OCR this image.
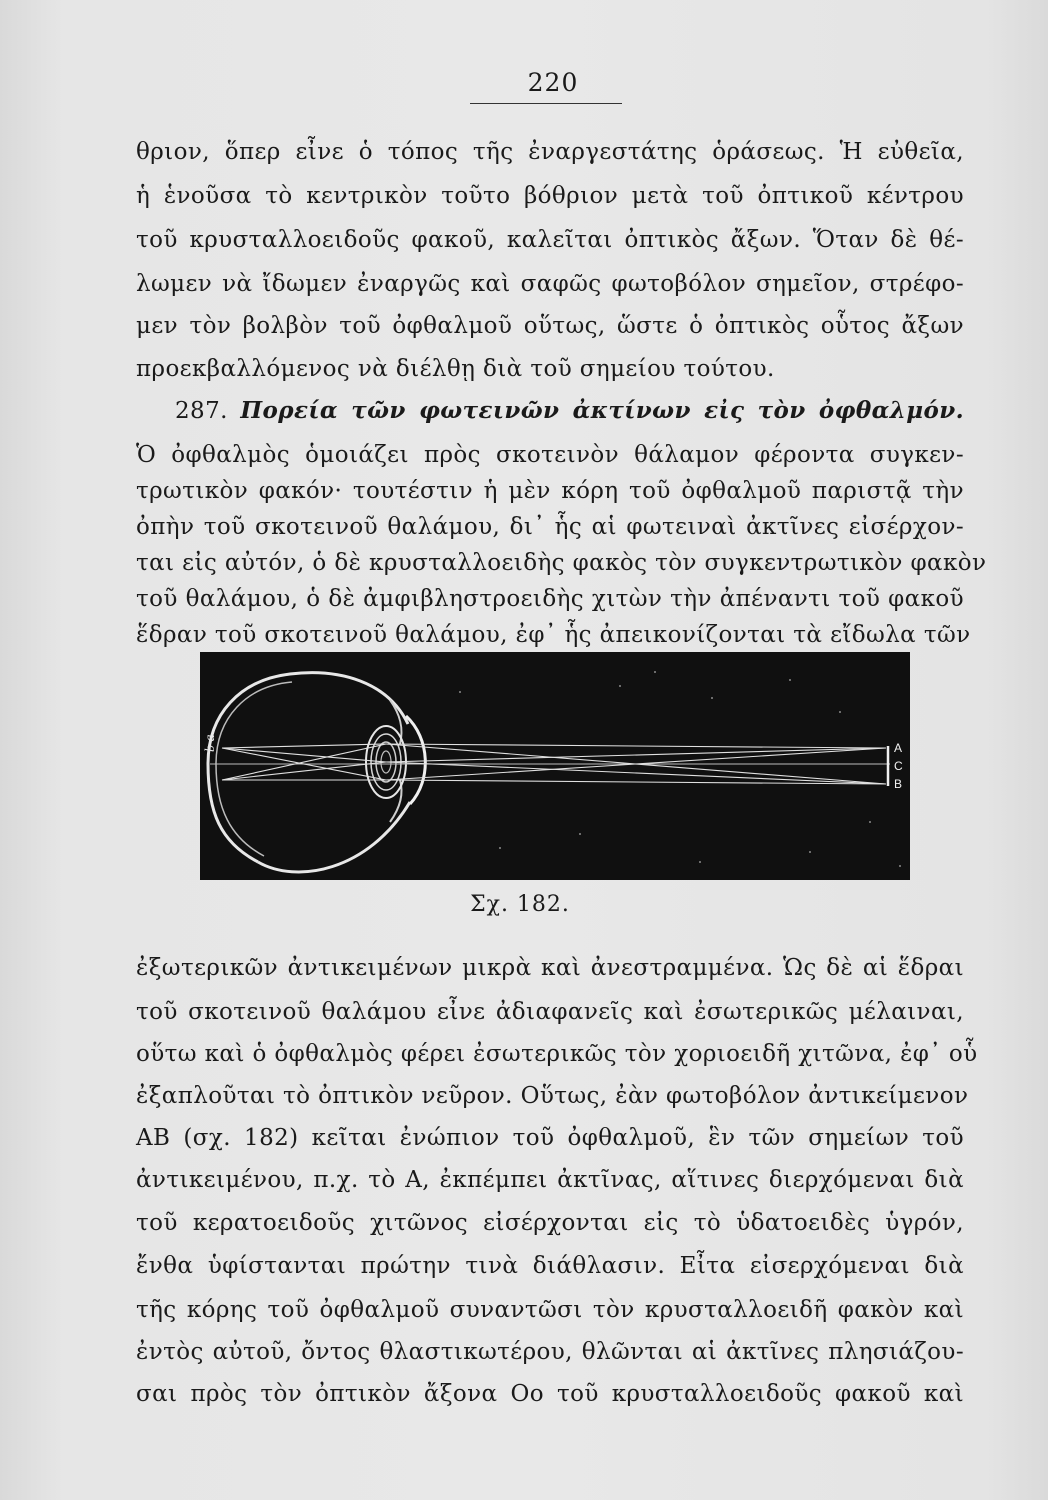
220
θριον, ὅπερ εἶνε ὁ τόπος τῆς ἐναργεστάτης ὁράσεως. Ἡ εὐθεῖα,
ἡ ἑνοῦσα τὸ κεντρικὸν τοῦτο βόθριον μετὰ τοῦ ὀπτικοῦ κέντρου
τοῦ κρυσταλλοειδοῦς φακοῦ, καλεῖται ὀπτικὸς ἄξων. Ὅταν δὲ θέ-
λωμεν νὰ ἴδωμεν ἐναργῶς καὶ σαφῶς φωτοβόλον σημεῖον, στρέφο-
μεν τὸν βολβὸν τοῦ ὀφθαλμοῦ οὕτως, ὥστε ὁ ὀπτικὸς οὗτος ἄξων
προεκβαλλόμενος νὰ διέλθῃ διὰ τοῦ σημείου τούτου.
287. Πορεία τῶν φωτεινῶν ἀκτίνων εἰς τὸν ὀφθαλμόν.
Ὁ ὀφθαλμὸς ὁμοιάζει πρὸς σκοτεινὸν θάλαμον φέροντα συγκεν-
τρωτικὸν φακόν· τουτέστιν ἡ μὲν κόρη τοῦ ὀφθαλμοῦ παριστᾷ τὴν
ὀπὴν τοῦ σκοτεινοῦ θαλάμου, δι᾽ ἧς αἱ φωτειναὶ ἀκτῖνες εἰσέρχον-
ται εἰς αὐτόν, ὁ δὲ κρυσταλλοειδὴς φακὸς τὸν συγκεντρωτικὸν φακὸν
τοῦ θαλάμου, ὁ δὲ ἀμφιβληστροειδὴς χιτὼν τὴν ἀπέναντι τοῦ φακοῦ
b a	A
C
B
Σχ. 182.
ἐξωτερικῶν ἀντικειμένων μικρὰ καὶ ἀνεστραμμένα. Ὡς δὲ αἱ ἕδραι
τοῦ σκοτεινοῦ θαλάμου εἶνε ἀδιαφανεῖς καὶ ἐσωτερικῶς μέλαιναι,
οὕτω καὶ ὁ ὀφθαλμὸς φέρει ἐσωτερικῶς τὸν χοριοειδῆ χιτῶνα, ἐφ᾽ οὗ
ἐξαπλοῦται τὸ ὀπτικὸν νεῦρον. Οὕτως, ἐὰν φωτοβόλον ἀντικείμενον
ΑΒ (σχ. 182) κεῖται ἐνώπιον τοῦ ὀφθαλμοῦ, ἓν τῶν σημείων τοῦ
ἀντικειμένου, π.χ. τὸ Α, ἐκπέμπει ἀκτῖνας, αἵτινες διερχόμεναι διὰ
τοῦ κερατοειδοῦς χιτῶνος εἰσέρχονται εἰς τὸ ὑδατοειδὲς ὑγρόν,
ἔνθα ὑφίστανται πρώτην τινὰ διάθλασιν. Εἶτα εἰσερχόμεναι διὰ
τῆς κόρης τοῦ ὀφθαλμοῦ συναντῶσι τὸν κρυσταλλοειδῆ φακὸν καὶ
ἐντὸς αὐτοῦ, ὄντος θλαστικωτέρου, θλῶνται αἱ ἀκτῖνες πλησιάζου-
σαι πρὸς τὸν ὀπτικὸν ἄξονα Οο τοῦ κρυσταλλοειδοῦς φακοῦ καὶ
ἕδραν τοῦ σκοτεινοῦ θαλάμου, ἐφ᾽ ἧς ἀπεικονίζονται τὰ εἴδωλα τῶν
